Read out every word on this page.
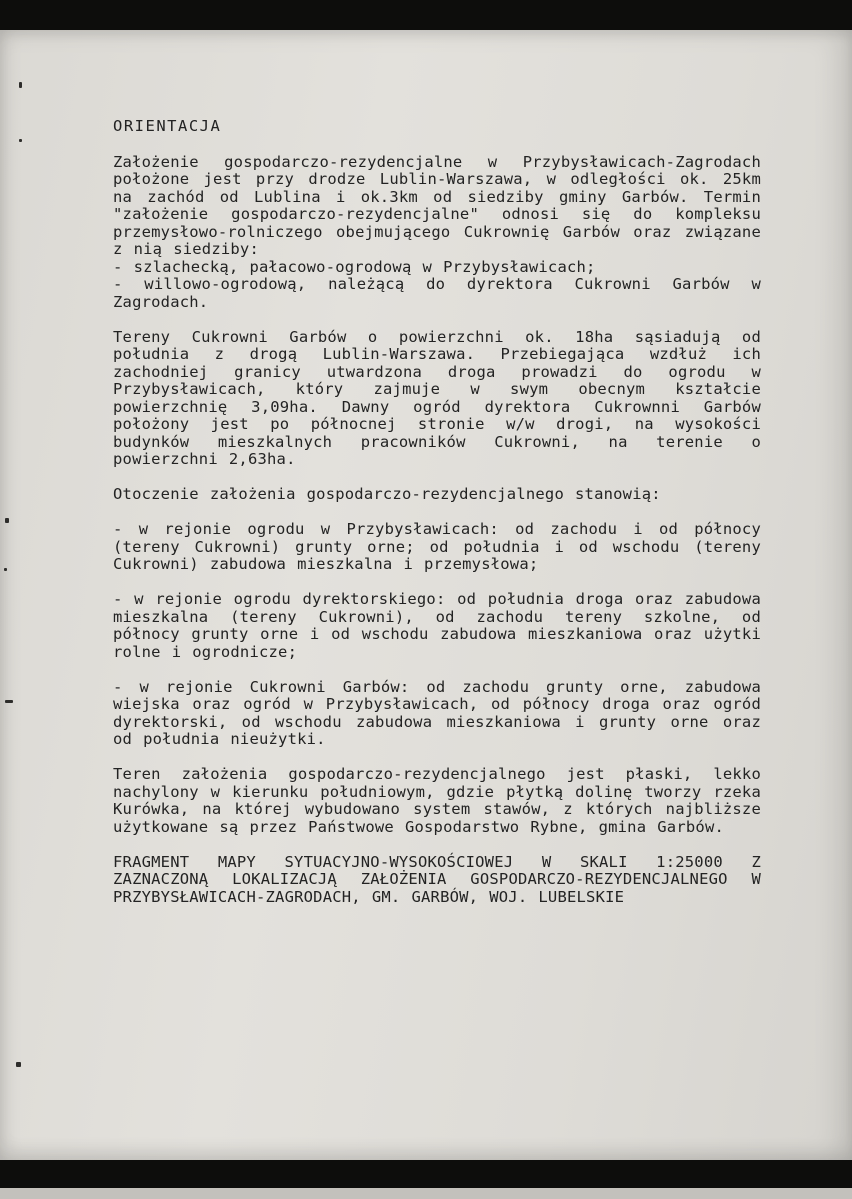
ORIENTACJA

Założenie gospodarczo-rezydencjalne w Przybysławicach-Zagrodach położone jest przy drodze Lublin-Warszawa, w odległości ok. 25km na zachód od Lublina i ok.3km od siedziby gminy Garbów. Termin "założenie gospodarczo-rezydencjalne" odnosi się do kompleksu przemysłowo-rolniczego obejmującego Cukrownię Garbów oraz związane z nią siedziby:

- szlachecką, pałacowo-ogrodową w Przybysławicach;

- willowo-ogrodową, należącą do dyrektora Cukrowni Garbów w Zagrodach.

Tereny Cukrowni Garbów o powierzchni ok. 18ha sąsiadują od południa z drogą Lublin-Warszawa. Przebiegająca wzdłuż ich zachodniej granicy utwardzona droga prowadzi do ogrodu w Przybysławicach, który zajmuje w swym obecnym kształcie powierzchnię 3,09ha. Dawny ogród dyrektora Cukrownni Garbów położony jest po północnej stronie w/w drogi, na wysokości budynków mieszkalnych pracowników Cukrowni, na terenie o powierzchni 2,63ha.

Otoczenie założenia gospodarczo-rezydencjalnego stanowią:

- w rejonie ogrodu w Przybysławicach: od zachodu i od północy (tereny Cukrowni) grunty orne; od południa i od wschodu (tereny Cukrowni) zabudowa mieszkalna i przemysłowa;

- w rejonie ogrodu dyrektorskiego: od południa droga oraz zabudowa mieszkalna (tereny Cukrowni), od zachodu tereny szkolne, od północy grunty orne i od wschodu zabudowa mieszkaniowa oraz użytki rolne i ogrodnicze;

- w rejonie Cukrowni Garbów: od zachodu grunty orne, zabudowa wiejska oraz ogród w Przybysławicach, od północy droga oraz ogród dyrektorski, od wschodu zabudowa mieszkaniowa i grunty orne oraz od południa nieużytki.

Teren założenia gospodarczo-rezydencjalnego jest płaski, lekko nachylony w kierunku południowym, gdzie płytką dolinę tworzy rzeka Kurówka, na której wybudowano system stawów, z których najbliższe użytkowane są przez Państwowe Gospodarstwo Rybne, gmina Garbów.

FRAGMENT MAPY SYTUACYJNO-WYSOKOŚCIOWEJ W SKALI 1:25000 Z ZAZNACZONĄ LOKALIZACJĄ ZAŁOŻENIA GOSPODARCZO-REZYDENCJALNEGO W PRZYBYSŁAWICACH-ZAGRODACH, GM. GARBÓW, WOJ. LUBELSKIE
